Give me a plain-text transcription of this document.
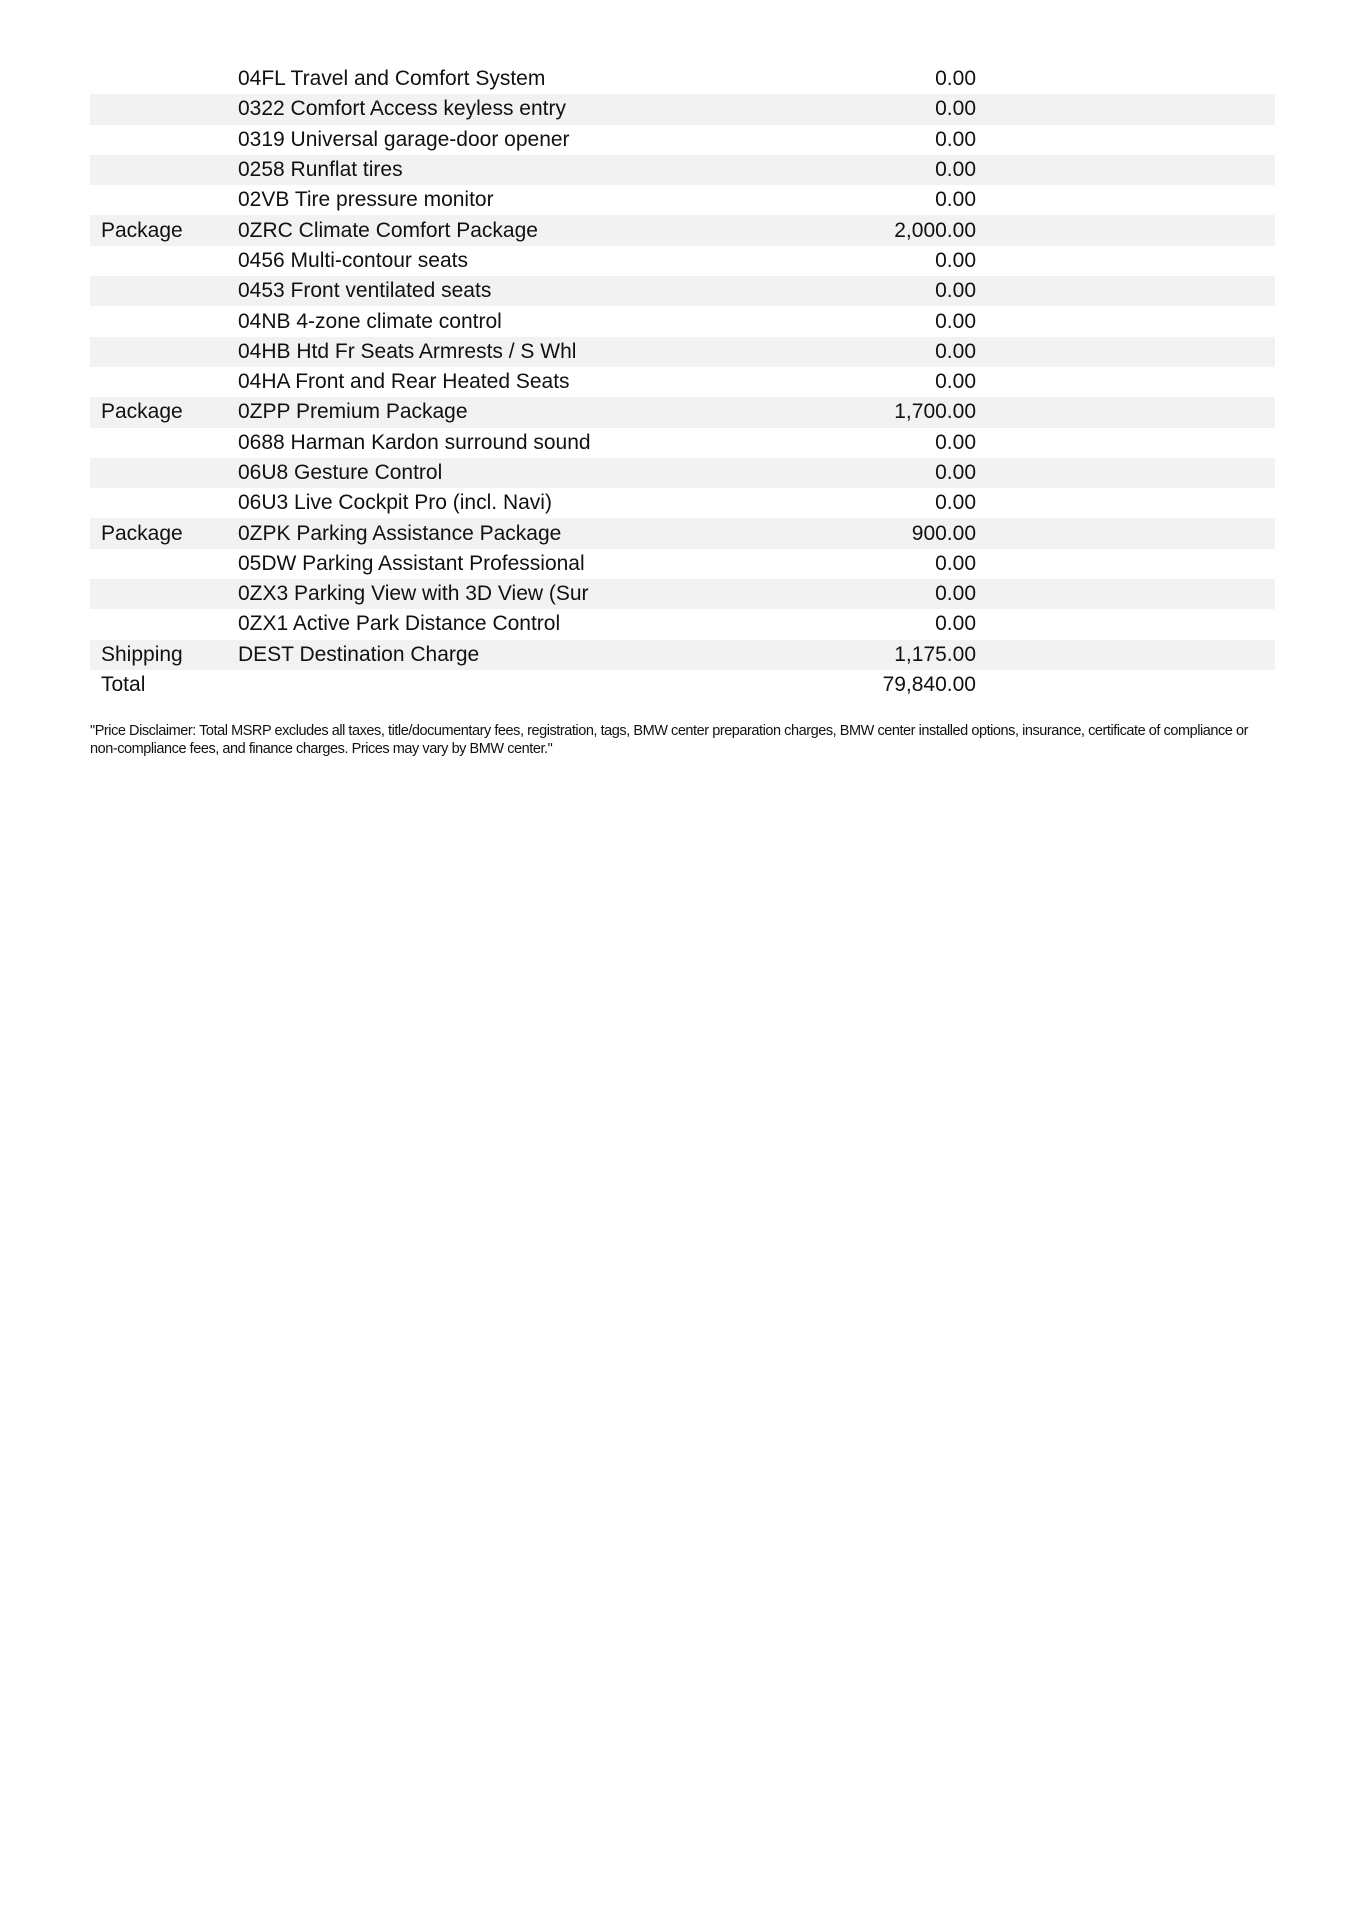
	04FL Travel and Comfort System	0.00	
	0322 Comfort Access keyless entry	0.00	
	0319 Universal garage-door opener	0.00	
	0258 Runflat tires	0.00	
	02VB Tire pressure monitor	0.00	
Package	0ZRC Climate Comfort Package	2,000.00	
	0456 Multi-contour seats	0.00	
	0453 Front ventilated seats	0.00	
	04NB 4-zone climate control	0.00	
	04HB Htd Fr Seats Armrests / S Whl	0.00	
	04HA Front and Rear Heated Seats	0.00	
Package	0ZPP Premium Package	1,700.00	
	0688 Harman Kardon surround sound	0.00	
	06U8 Gesture Control	0.00	
	06U3 Live Cockpit Pro (incl. Navi)	0.00	
Package	0ZPK Parking Assistance Package	900.00	
	05DW Parking Assistant Professional	0.00	
	0ZX3 Parking View with 3D View (Sur	0.00	
	0ZX1 Active Park Distance Control	0.00	
Shipping	DEST Destination Charge	1,175.00	
Total		79,840.00	
"Price Disclaimer: Total MSRP excludes all taxes, title/documentary fees, registration, tags, BMW center preparation charges, BMW center installed options, insurance, certificate of compliance or non-compliance fees, and finance charges. Prices may vary by BMW center."
